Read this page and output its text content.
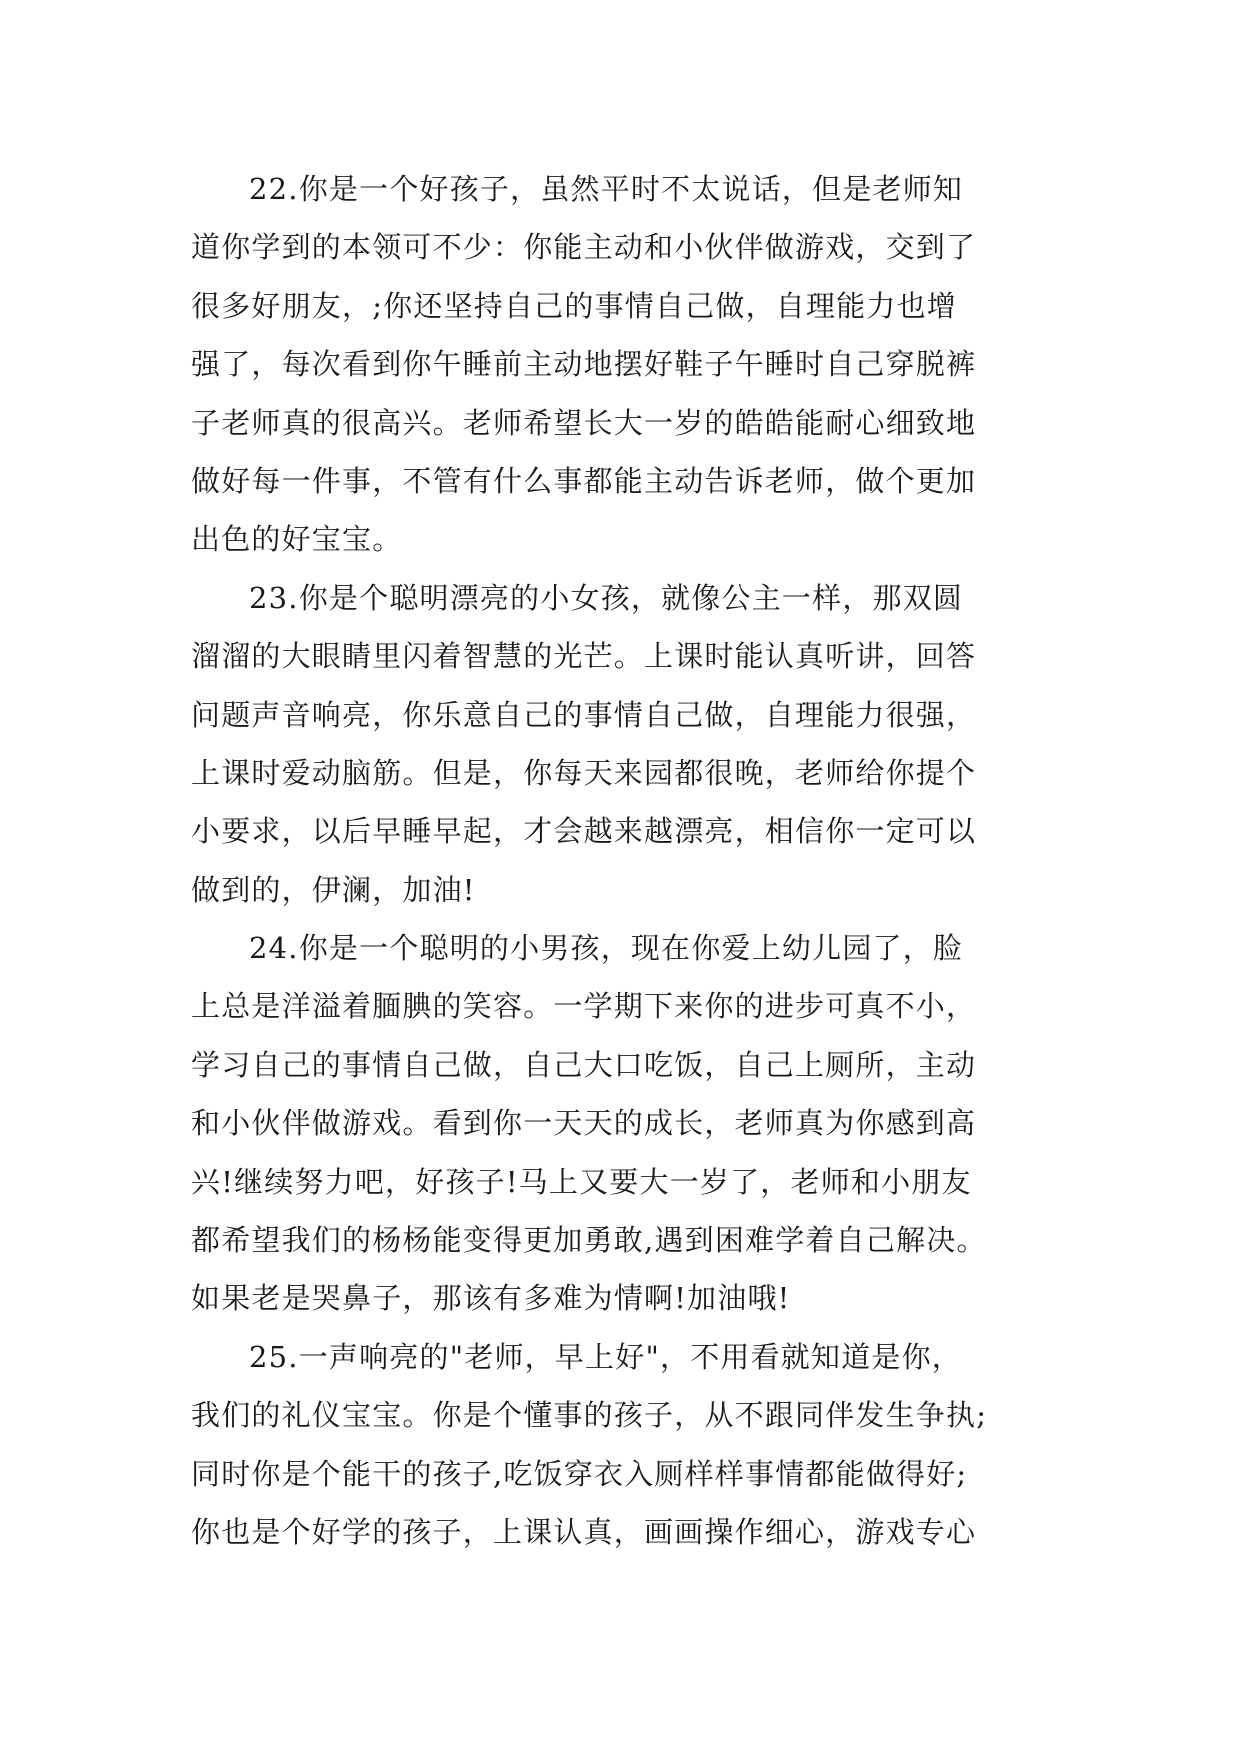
22.你是一个好孩子，虽然平时不太说话，但是老师知
道你学到的本领可不少：你能主动和小伙伴做游戏，交到了
很多好朋友，;你还坚持自己的事情自己做，自理能力也增
强了，每次看到你午睡前主动地摆好鞋子午睡时自己穿脱裤
子老师真的很高兴。老师希望长大一岁的皓皓能耐心细致地
做好每一件事，不管有什么事都能主动告诉老师，做个更加
出色的好宝宝。
23.你是个聪明漂亮的小女孩，就像公主一样，那双圆
溜溜的大眼睛里闪着智慧的光芒。上课时能认真听讲，回答
问题声音响亮，你乐意自己的事情自己做，自理能力很强，
上课时爱动脑筋。但是，你每天来园都很晚，老师给你提个
小要求，以后早睡早起，才会越来越漂亮，相信你一定可以
做到的，伊澜，加油!
24.你是一个聪明的小男孩，现在你爱上幼儿园了，脸
上总是洋溢着腼腆的笑容。一学期下来你的进步可真不小，
学习自己的事情自己做，自己大口吃饭，自己上厕所，主动
和小伙伴做游戏。看到你一天天的成长，老师真为你感到高
兴!继续努力吧，好孩子!马上又要大一岁了，老师和小朋友
都希望我们的杨杨能变得更加勇敢,遇到困难学着自己解决。
如果老是哭鼻子，那该有多难为情啊!加油哦!
25.一声响亮的"老师，早上好"，不用看就知道是你，
我们的礼仪宝宝。你是个懂事的孩子，从不跟同伴发生争执;
同时你是个能干的孩子,吃饭穿衣入厕样样事情都能做得好;
你也是个好学的孩子，上课认真，画画操作细心，游戏专心
